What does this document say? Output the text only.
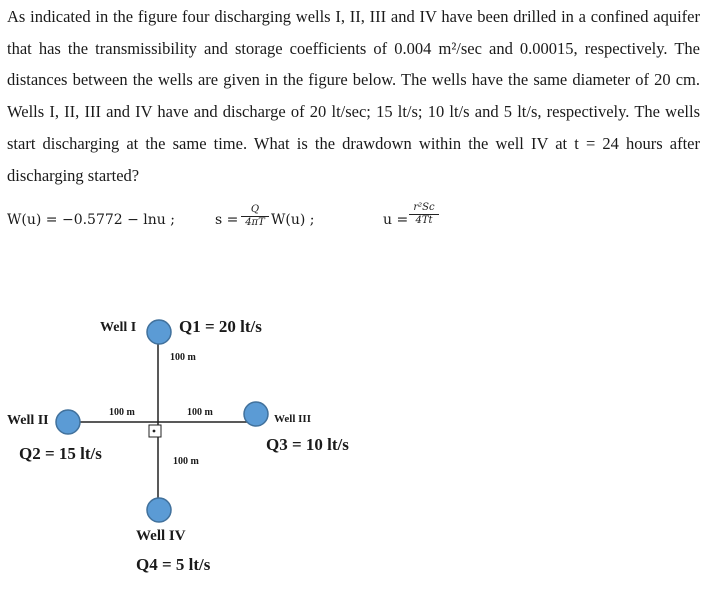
As indicated in the figure four discharging wells I, II, III and IV have been drilled in a confined aquifer that has the transmissibility and storage coefficients of 0.004 m²/sec and 0.00015, respectively. The distances between the wells are given in the figure below. The wells have the same diameter of 20 cm. Wells I, II, III and IV have and discharge of 20 lt/sec; 15 lt/s; 10 lt/s and 5 lt/s, respectively. The wells start discharging at the same time. What is the drawdown within the well IV at t = 24 hours after discharging started?

W(u) = −0.5772 − lnu ;	$s = \frac{Q}{4\pi T} W(u)$ ;	$u = \frac{\text{r²Sc}}{4Tt}$
Well I	Q1 = 20 lt/s
100 m
100 m	100 m
Well II	Well III
Q3 = 10 lt/s
Q2 = 15 lt/s	100 m
Well IV
Q4 = 5 lt/s
